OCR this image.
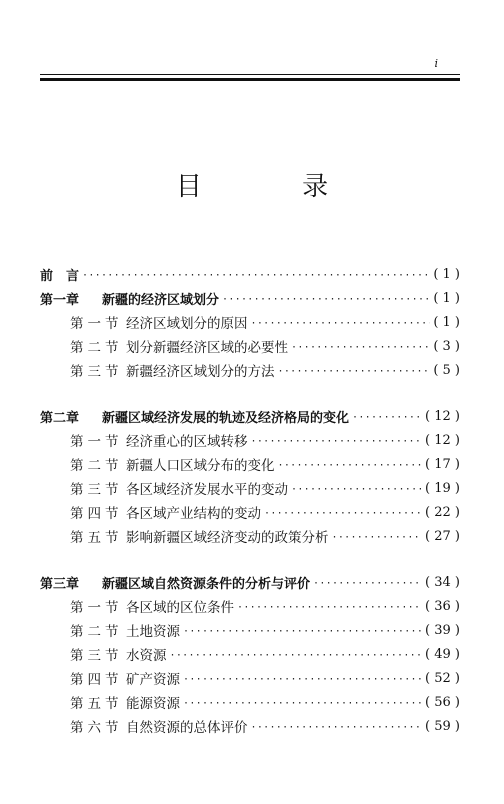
i
目 录
前　言 ·····	( 1 )
第一章 新疆的经济区域划分 ·····	( 1 )
第一节 经济区域划分的原因 ·····	( 1 )
第二节 划分新疆经济区域的必要性 ·····	( 3 )
第三节 新疆经济区域划分的方法 ·····	( 5 )
第二章 新疆区域经济发展的轨迹及经济格局的变化 ·····	( 12 )
第一节 经济重心的区域转移 ·····	( 12 )
第二节 新疆人口区域分布的变化 ·····	( 17 )
第三节 各区域经济发展水平的变动 ·····	( 19 )
第四节 各区域产业结构的变动 ·····	( 22 )
第五节 影响新疆区域经济变动的政策分析 ·····	( 27 )
第三章 新疆区域自然资源条件的分析与评价 ·····	( 34 )
第一节 各区域的区位条件 ·····	( 36 )
第二节 土地资源 ·····	( 39 )
第三节 水资源 ·····	( 49 )
第四节 矿产资源 ·····	( 52 )
第五节 能源资源 ·····	( 56 )
第六节 自然资源的总体评价 ·····	( 59 )
